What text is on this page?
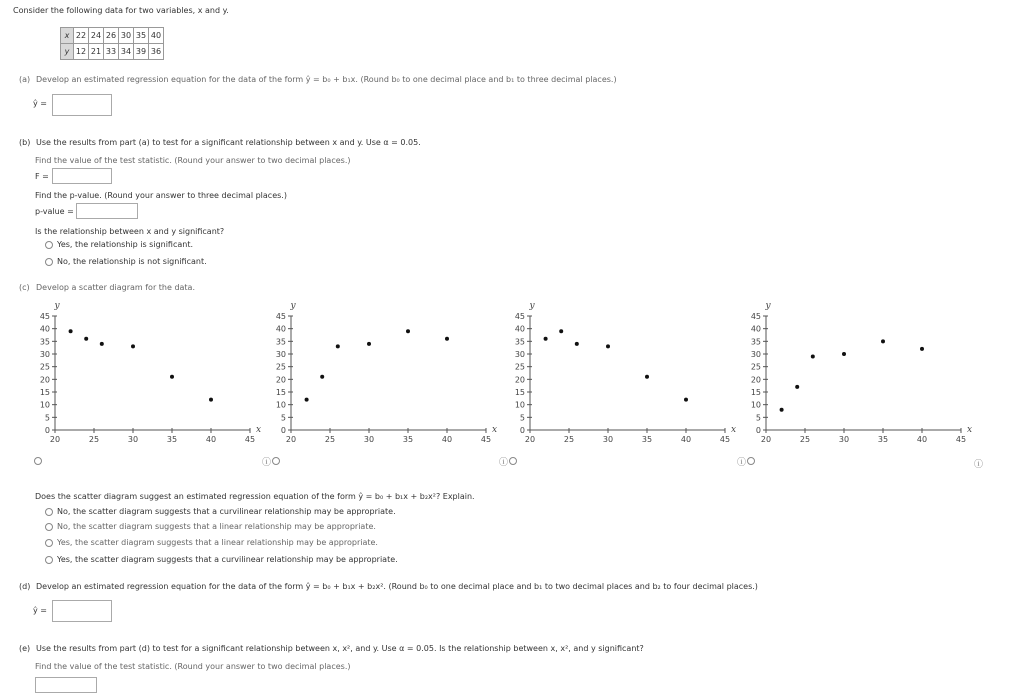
Consider the following data for two variables, x and y.
x	22	24	26	30	35	40
y	12	21	33	34	39	36
(a) Develop an estimated regression equation for the data of the form ŷ = b₀ + b₁x. (Round b₀ to one decimal place and b₁ to three decimal places.)
ŷ =
(b) Use the results from part (a) to test for a significant relationship between x and y. Use α = 0.05.
Find the value of the test statistic. (Round your answer to two decimal places.)
F =
Find the p-value. (Round your answer to three decimal places.)
p-value =
Is the relationship between x and y significant?
Yes, the relationship is significant.
No, the relationship is not significant.
(c) Develop a scatter diagram for the data.
0
5
10
15
20
25
30
35
40
45
20	25	30	35	40	45
y
x 0
5
10
15
20
25
30
35
40
45
20	25	30	35	40	45
y
x	0
5
10
15
20
25
30
35
40
45
20	25	30	35	40	45
y
x 0
5
10
15
20
25
30
35
40
45
20	25	30	35	40	45
y
x
ⓘ	ⓘ	ⓘ	ⓘ
Does the scatter diagram suggest an estimated regression equation of the form ŷ = b₀ + b₁x + b₂x²? Explain.
No, the scatter diagram suggests that a curvilinear relationship may be appropriate.
No, the scatter diagram suggests that a linear relationship may be appropriate.
Yes, the scatter diagram suggests that a linear relationship may be appropriate.
Yes, the scatter diagram suggests that a curvilinear relationship may be appropriate.
(d) Develop an estimated regression equation for the data of the form ŷ = b₀ + b₁x + b₂x². (Round b₀ to one decimal place and b₁ to two decimal places and b₂ to four decimal places.)
ŷ =
(e) Use the results from part (d) to test for a significant relationship between x, x², and y. Use α = 0.05. Is the relationship between x, x², and y significant?
Find the value of the test statistic. (Round your answer to two decimal places.)
